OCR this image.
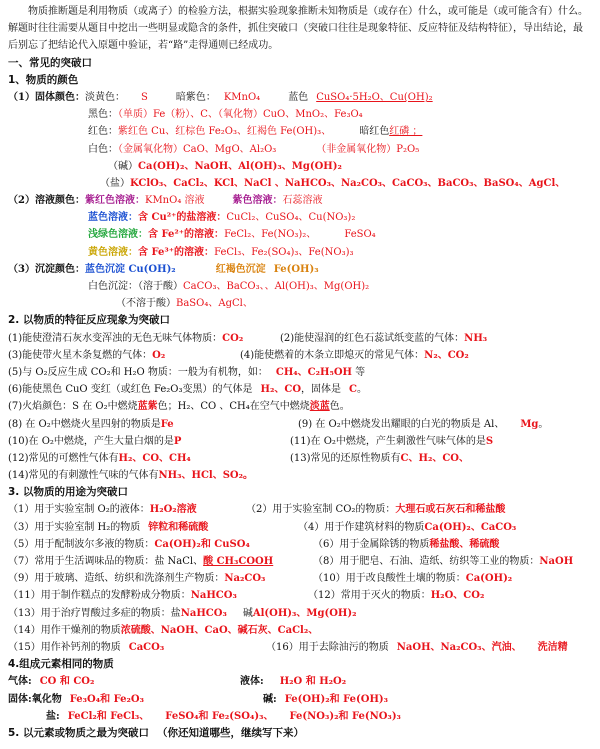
物质推断题是利用物质（或离子）的检验方法，根据实验现象推断未知物质是（或存在）什么，或可能是（或可能含有）什么。解题时往往需要从题目中挖出一些明显或隐含的条件，抓住突破口（突破口往往是现象特征、反应特征及结构特征），导出结论，最后别忘了把结论代入原题中验证，若“路”走得通则已经成功。
一、常见的突破口
1、物质的颜色
（1）固体颜色：淡黄色： S	暗紫色： KMnO₄	蓝色 CuSO₄·5H₂O、Cu(OH)₂
黑色：（单质）Fe（粉）、C、（氧化物）CuO、MnO₂、Fe₃O₄
红色：紫红色 Cu、红棕色 Fe₂O₃、红褐色 Fe(OH)₃、	暗红色红磷 ；
白色：（金属氧化物）CaO、MgO、Al₂O₃	（非金属氧化物）P₂O₅
（碱）Ca(OH)₂、NaOH、Al(OH)₃、Mg(OH)₂
（盐）KClO₃、CaCl₂、KCl、NaCl 、NaHCO₃、Na₂CO₃、CaCO₃、BaCO₃、BaSO₄、AgCl、
（2）溶液颜色：紫红色溶液：KMnO₄ 溶液	紫色溶液：石蕊溶液
蓝色溶液：含 Cu²⁺的盐溶液：CuCl₂、CuSO₄、Cu(NO₃)₂
浅绿色溶液：含 Fe²⁺的溶液：FeCl₂、Fe(NO₃)₂、	FeSO₄
黄色溶液：含 Fe³⁺的溶液：FeCl₃、Fe₂(SO₄)₃、Fe(NO₃)₃
（3）沉淀颜色：蓝色沉淀 Cu(OH)₂	红褐色沉淀 Fe(OH)₃
白色沉淀：（溶于酸）CaCO₃、BaCO₃、、Al(OH)₃、Mg(OH)₂
（不溶于酸）BaSO₄、AgCl、
2. 以物质的特征反应现象为突破口
(1)能使澄清石灰水变浑浊的无色无味气体物质：CO₂	(2)能使湿润的红色石蕊试纸变蓝的气体：NH₃
(3)能使带火星木条复燃的气体：O₂	(4)能使燃着的木条立即熄灭的常见气体：N₂、CO₂
(5)与 O₂反应生成 CO₂和 H₂O 物质：一般为有机物，如： CH₄、C₂H₅OH 等
(6)能使黑色 CuO 变红（或红色 Fe₂O₃变黑）的气体是 H₂、CO，固体是 C。
(7)火焰颜色：S 在 O₂中燃烧蓝紫色；H₂、CO 、CH₄在空气中燃烧淡蓝色。
(8) 在 O₂中燃烧火星四射的物质是Fe	(9) 在 O₂中燃烧发出耀眼的白光的物质是 Al、 Mg。
(10)在 O₂中燃烧，产生大量白烟的是P	(11)在 O₂中燃烧，产生刺激性气味气体的是S
(12)常见的可燃性气体有H₂、CO、CH₄	(13)常见的还原性物质有C、H₂、CO、
(14)常见的有刺激性气味的气体有NH₃、HCl、SO₂。
3. 以物质的用途为突破口
（1）用于实验室制 O₂的液体：H₂O₂溶液	（2）用于实验室制 CO₂的物质：大理石或石灰石和稀盐酸
（3）用于实验室制 H₂的物质 锌粒和稀硫酸	（4）用于作建筑材料的物质Ca(OH)₂、CaCO₃
（5）用于配制波尔多液的物质：Ca(OH)₂和 CuSO₄	（6）用于金属除锈的物质稀盐酸、稀硫酸
（7）常用于生活调味品的物质：盐 NaCl、酸 CH₃COOH	（8）用于肥皂、石油、造纸、纺织等工业的物质：NaOH
（9）用于玻璃、造纸、纺织和洗涤剂生产物质：Na₂CO₃	（10）用于改良酸性土壤的物质：Ca(OH)₂
（11）用于制作糕点的发酵粉成分物质：NaHCO₃	（12）常用于灭火的物质：H₂O、CO₂
（13）用于治疗胃酸过多症的物质：盐NaHCO₃ 碱Al(OH)₃、Mg(OH)₂
（14）用作干燥剂的物质浓硫酸、NaOH、CaO、碱石灰、CaCl₂、
（15）用作补钙剂的物质 CaCO₃	（16）用于去除油污的物质 NaOH、Na₂CO₃、汽油、 洗洁精
4.组成元素相同的物质
气体: CO 和 CO₂	液体: H₂O 和 H₂O₂
固体:氧化物 Fe₃O₄和 Fe₂O₃	碱: Fe(OH)₂和 Fe(OH)₃
盐: FeCl₂和 FeCl₃、 FeSO₄和 Fe₂(SO₄)₃、 Fe(NO₃)₂和 Fe(NO₃)₃
5. 以元素或物质之最为突破口 （你还知道哪些，继续写下来）
